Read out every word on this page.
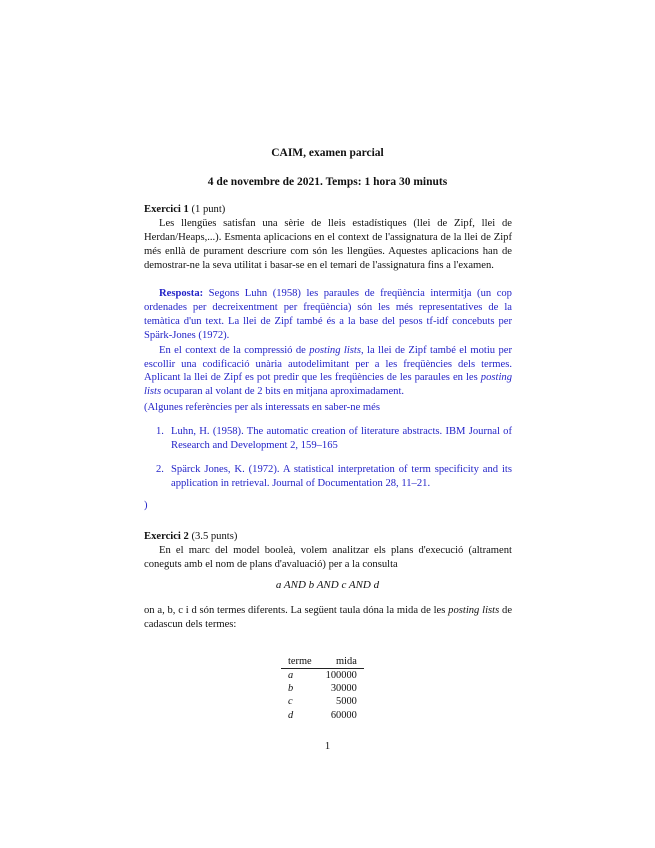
CAIM, examen parcial
4 de novembre de 2021. Temps: 1 hora 30 minuts
Exercici 1 (1 punt)
Les llengües satisfan una sèrie de lleis estadístiques (llei de Zipf, llei de Herdan/Heaps,...). Esmenta aplicacions en el context de l'assignatura de la llei de Zipf més enllà de purament descriure com són les llengües. Aquestes aplicacions han de demostrar-ne la seva utilitat i basar-se en el temari de l'assignatura fins a l'examen.
Resposta: Segons Luhn (1958) les paraules de freqüència intermitja (un cop ordenades per decreixentment per freqüència) són les més representatives de la temàtica d'un text. La llei de Zipf també és a la base del pesos tf-idf concebuts per Spärk-Jones (1972).
En el context de la compressió de posting lists, la llei de Zipf també el motiu per escollir una codificació unària autodelimitant per a les freqüències dels termes. Aplicant la llei de Zipf es pot predir que les freqüències de les paraules en les posting lists ocuparan al volant de 2 bits en mitjana aproximadament.
(Algunes referències per als interessats en saber-ne més
1. Luhn, H. (1958). The automatic creation of literature abstracts. IBM Journal of Research and Development 2, 159–165
2. Spärck Jones, K. (1972). A statistical interpretation of term specificity and its application in retrieval. Journal of Documentation 28, 11–21.
)
Exercici 2 (3.5 punts)
En el marc del model booleà, volem analitzar els plans d'execució (altrament coneguts amb el nom de plans d'avaluació) per a la consulta
a AND b AND c AND d
on a, b, c i d són termes diferents. La següent taula dóna la mida de les posting lists de cadascun dels termes:
terme	mida
a	100000
b	30000
c	5000
d	60000
1
